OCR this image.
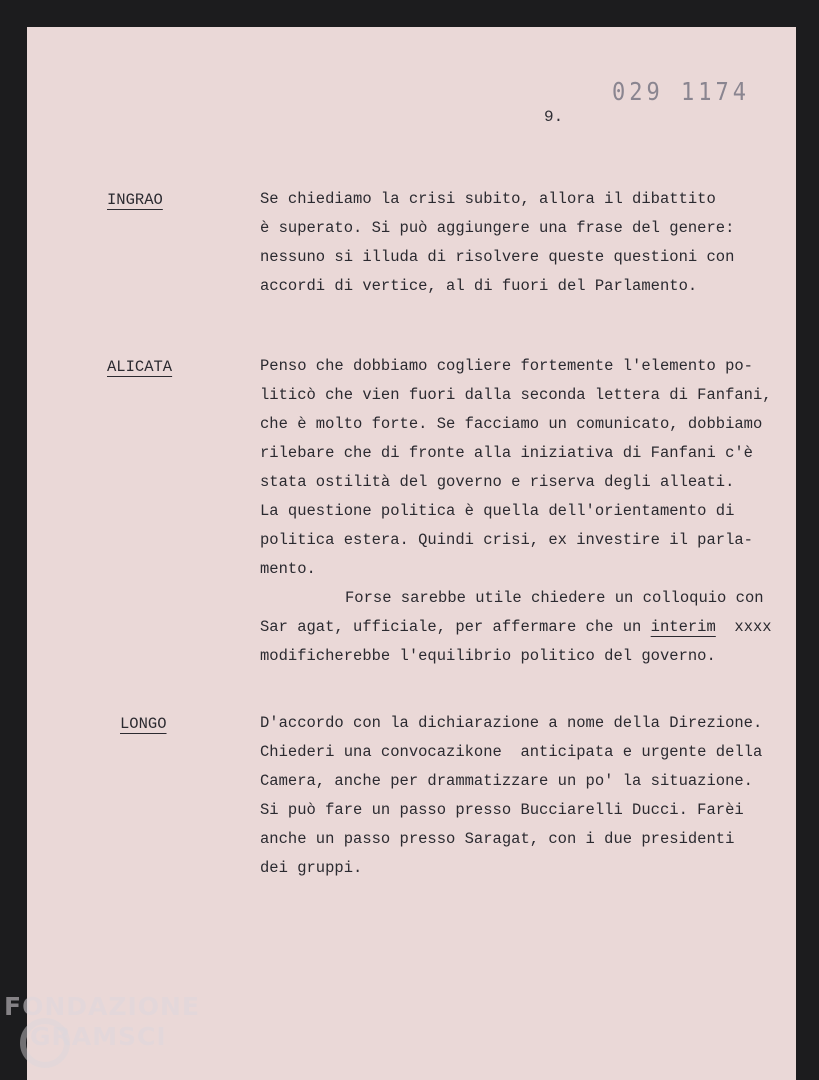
029 1174
9.
INGRAO	Se chiediamo la crisi subito, allora il dibattito
è superato. Si può aggiungere una frase del genere:
nessuno si illuda di risolvere queste questioni con
accordi di vertice, al di fuori del Parlamento.
ALICATA	Penso che dobbiamo cogliere fortemente l'elemento po-
liticò che vien fuori dalla seconda lettera di Fanfani,
che è molto forte. Se facciamo un comunicato, dobbiamo
rilebare che di fronte alla iniziativa di Fanfani c'è
stata ostilità del governo e riserva degli alleati.
La questione politica è quella dell'orientamento di
politica estera. Quindi crisi, ex investire il parla-
mento.
Forse sarebbe utile chiedere un colloquio con
Sar agat, ufficiale, per affermare che un interim xxxx
modificherebbe l'equilibrio politico del governo.
LONGO	D'accordo con la dichiarazione a nome della Direzione.
Chiederi una convocazikone  anticipata e urgente della
Camera, anche per drammatizzare un po' la situazione.
Si può fare un passo presso Bucciarelli Ducci. Farèi
anche un passo presso Saragat, con i due presidenti
dei gruppi.
FONDAZIONE
GRAMSCI
